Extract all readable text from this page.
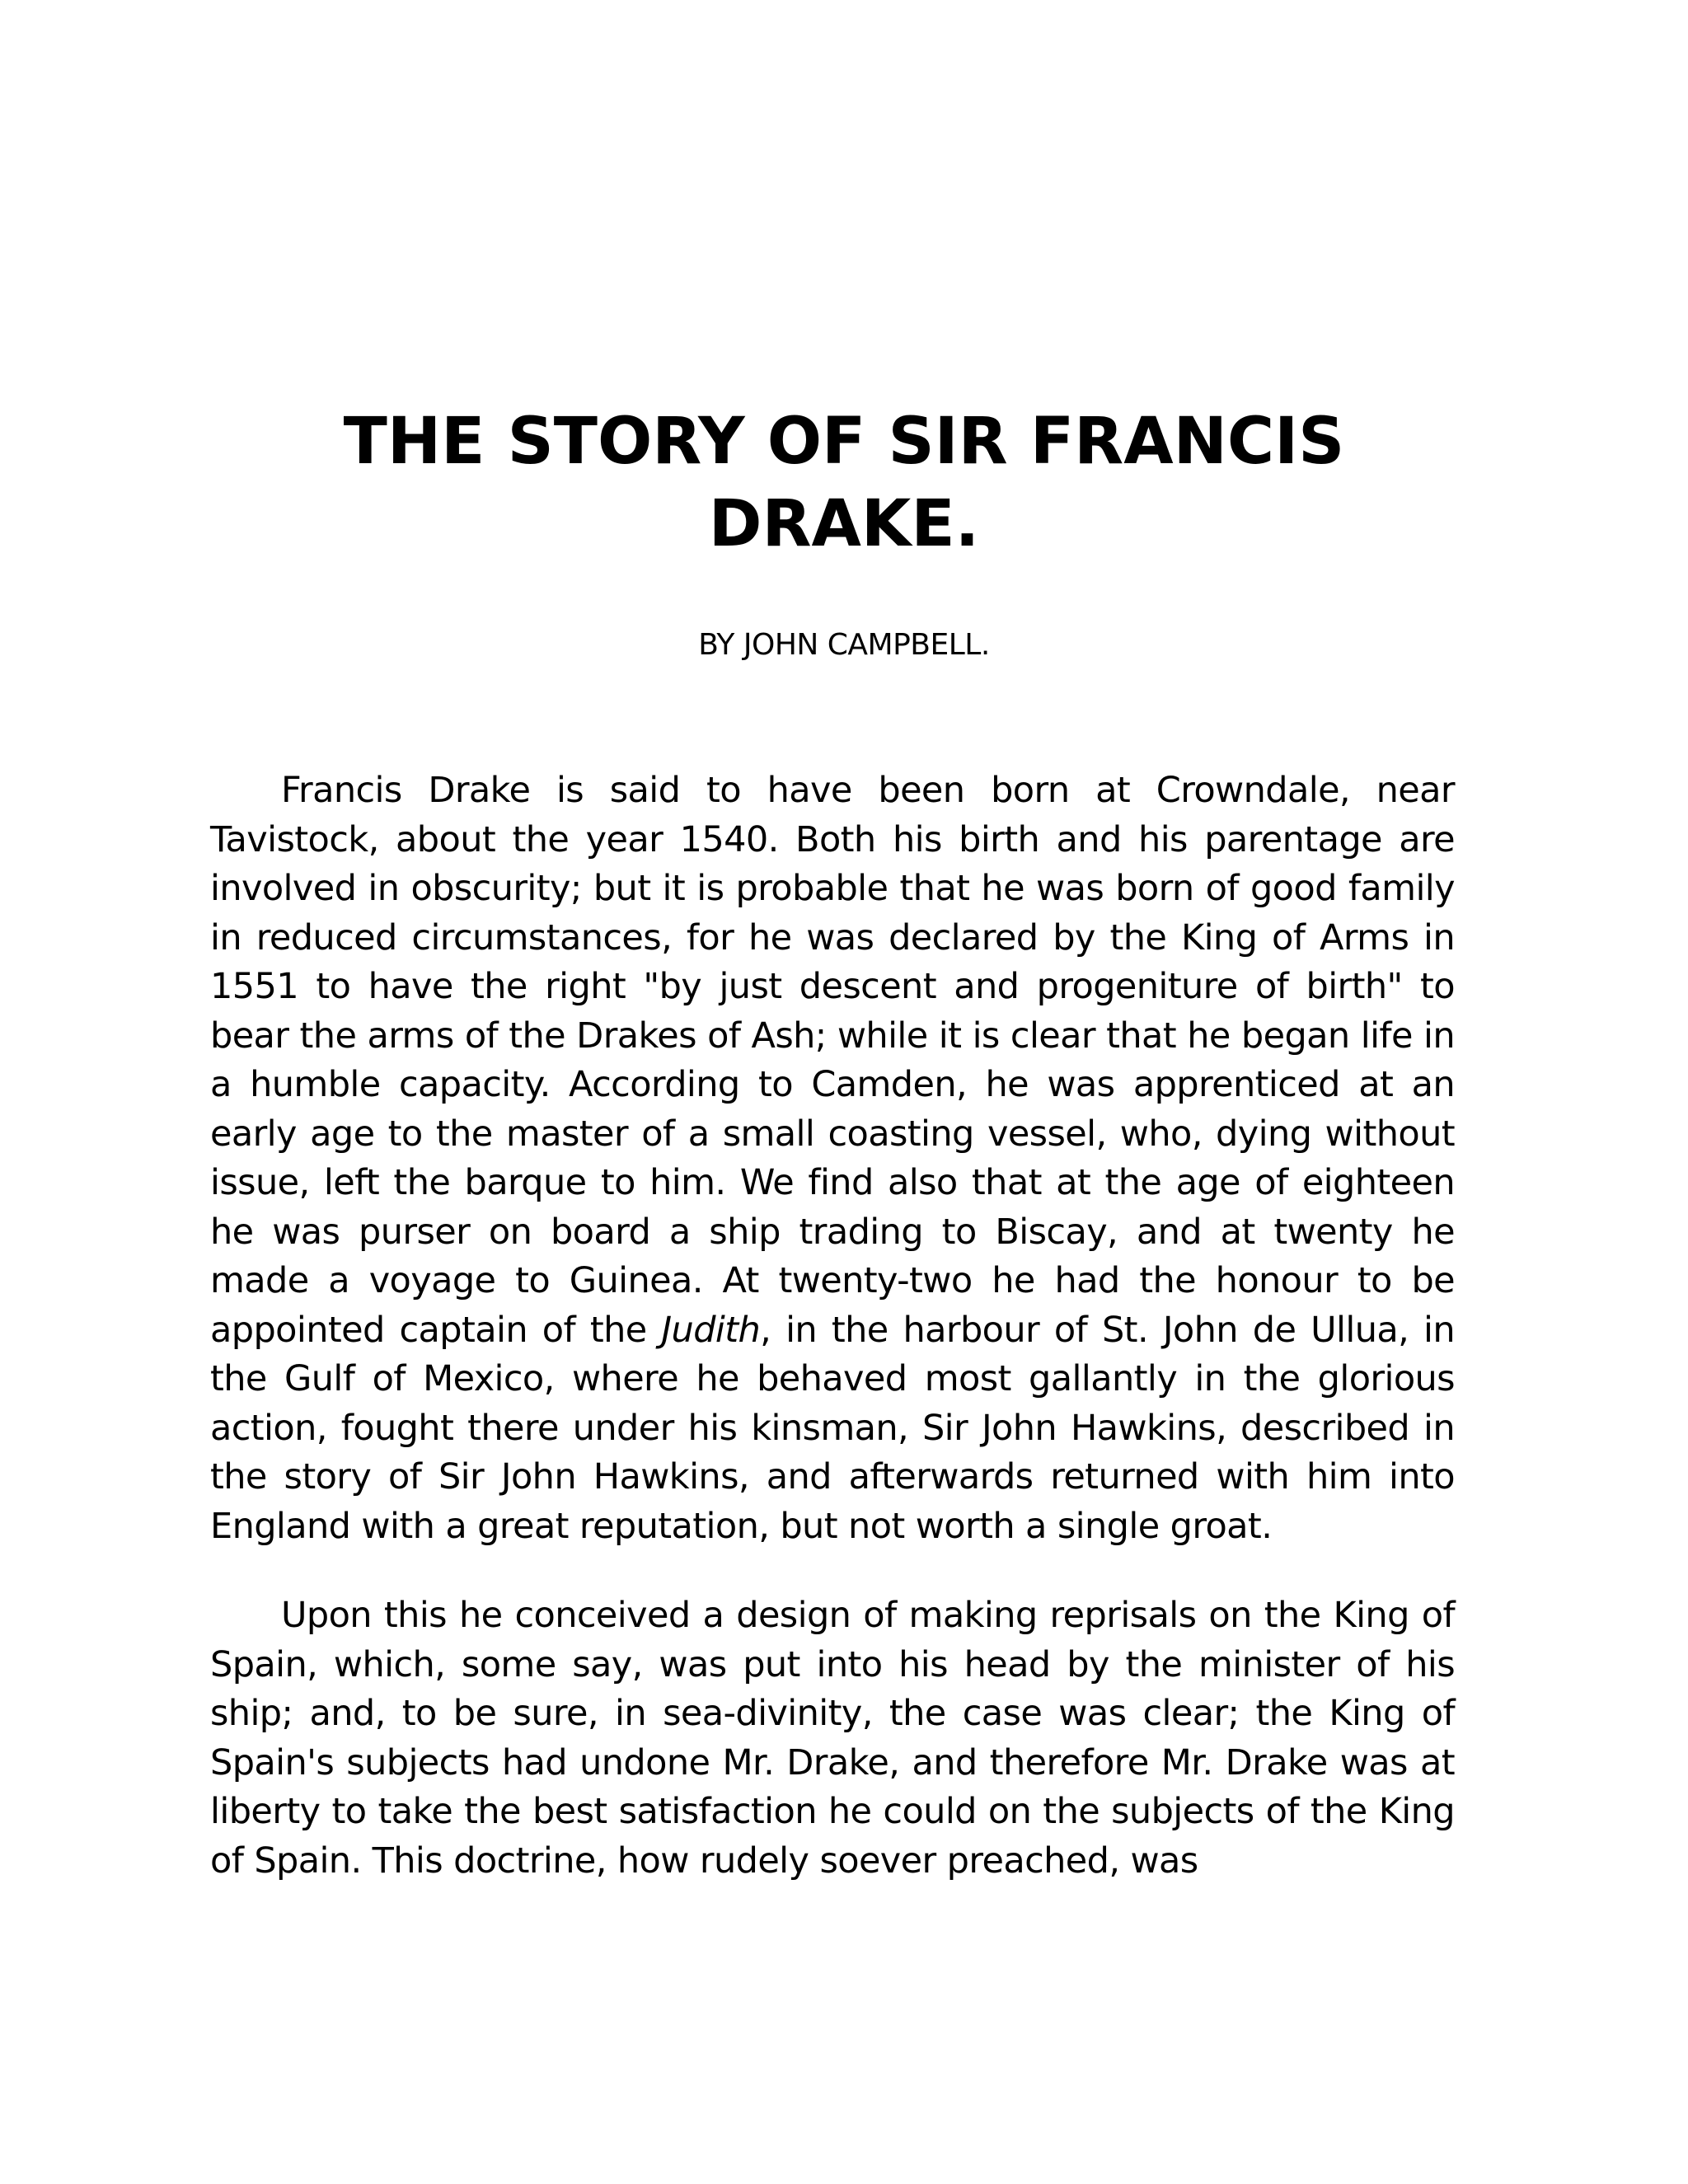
THE STORY OF SIR FRANCIS DRAKE.
BY JOHN CAMPBELL.

Francis Drake is said to have been born at Crowndale, near Tavistock, about the year 1540. Both his birth and his parentage are involved in obscurity; but it is probable that he was born of good family in reduced circumstances, for he was declared by the King of Arms in 1551 to have the right "by just descent and progeniture of birth" to bear the arms of the Drakes of Ash; while it is clear that he began life in a humble capacity. According to Camden, he was apprenticed at an early age to the master of a small coasting vessel, who, dying without issue, left the barque to him. We find also that at the age of eighteen he was purser on board a ship trading to Biscay, and at twenty he made a voyage to Guinea. At twenty-two he had the honour to be appointed captain of the Judith, in the harbour of St. John de Ullua, in the Gulf of Mexico, where he behaved most gallantly in the glorious action, fought there under his kinsman, Sir John Hawkins, described in the story of Sir John Hawkins, and afterwards returned with him into England with a great reputation, but not worth a single groat.

Upon this he conceived a design of making reprisals on the King of Spain, which, some say, was put into his head by the minister of his ship; and, to be sure, in sea-divinity, the case was clear; the King of Spain's subjects had undone Mr. Drake, and therefore Mr. Drake was at liberty to take the best satisfaction he could on the subjects of the King of Spain. This doctrine, how rudely soever preached, was
